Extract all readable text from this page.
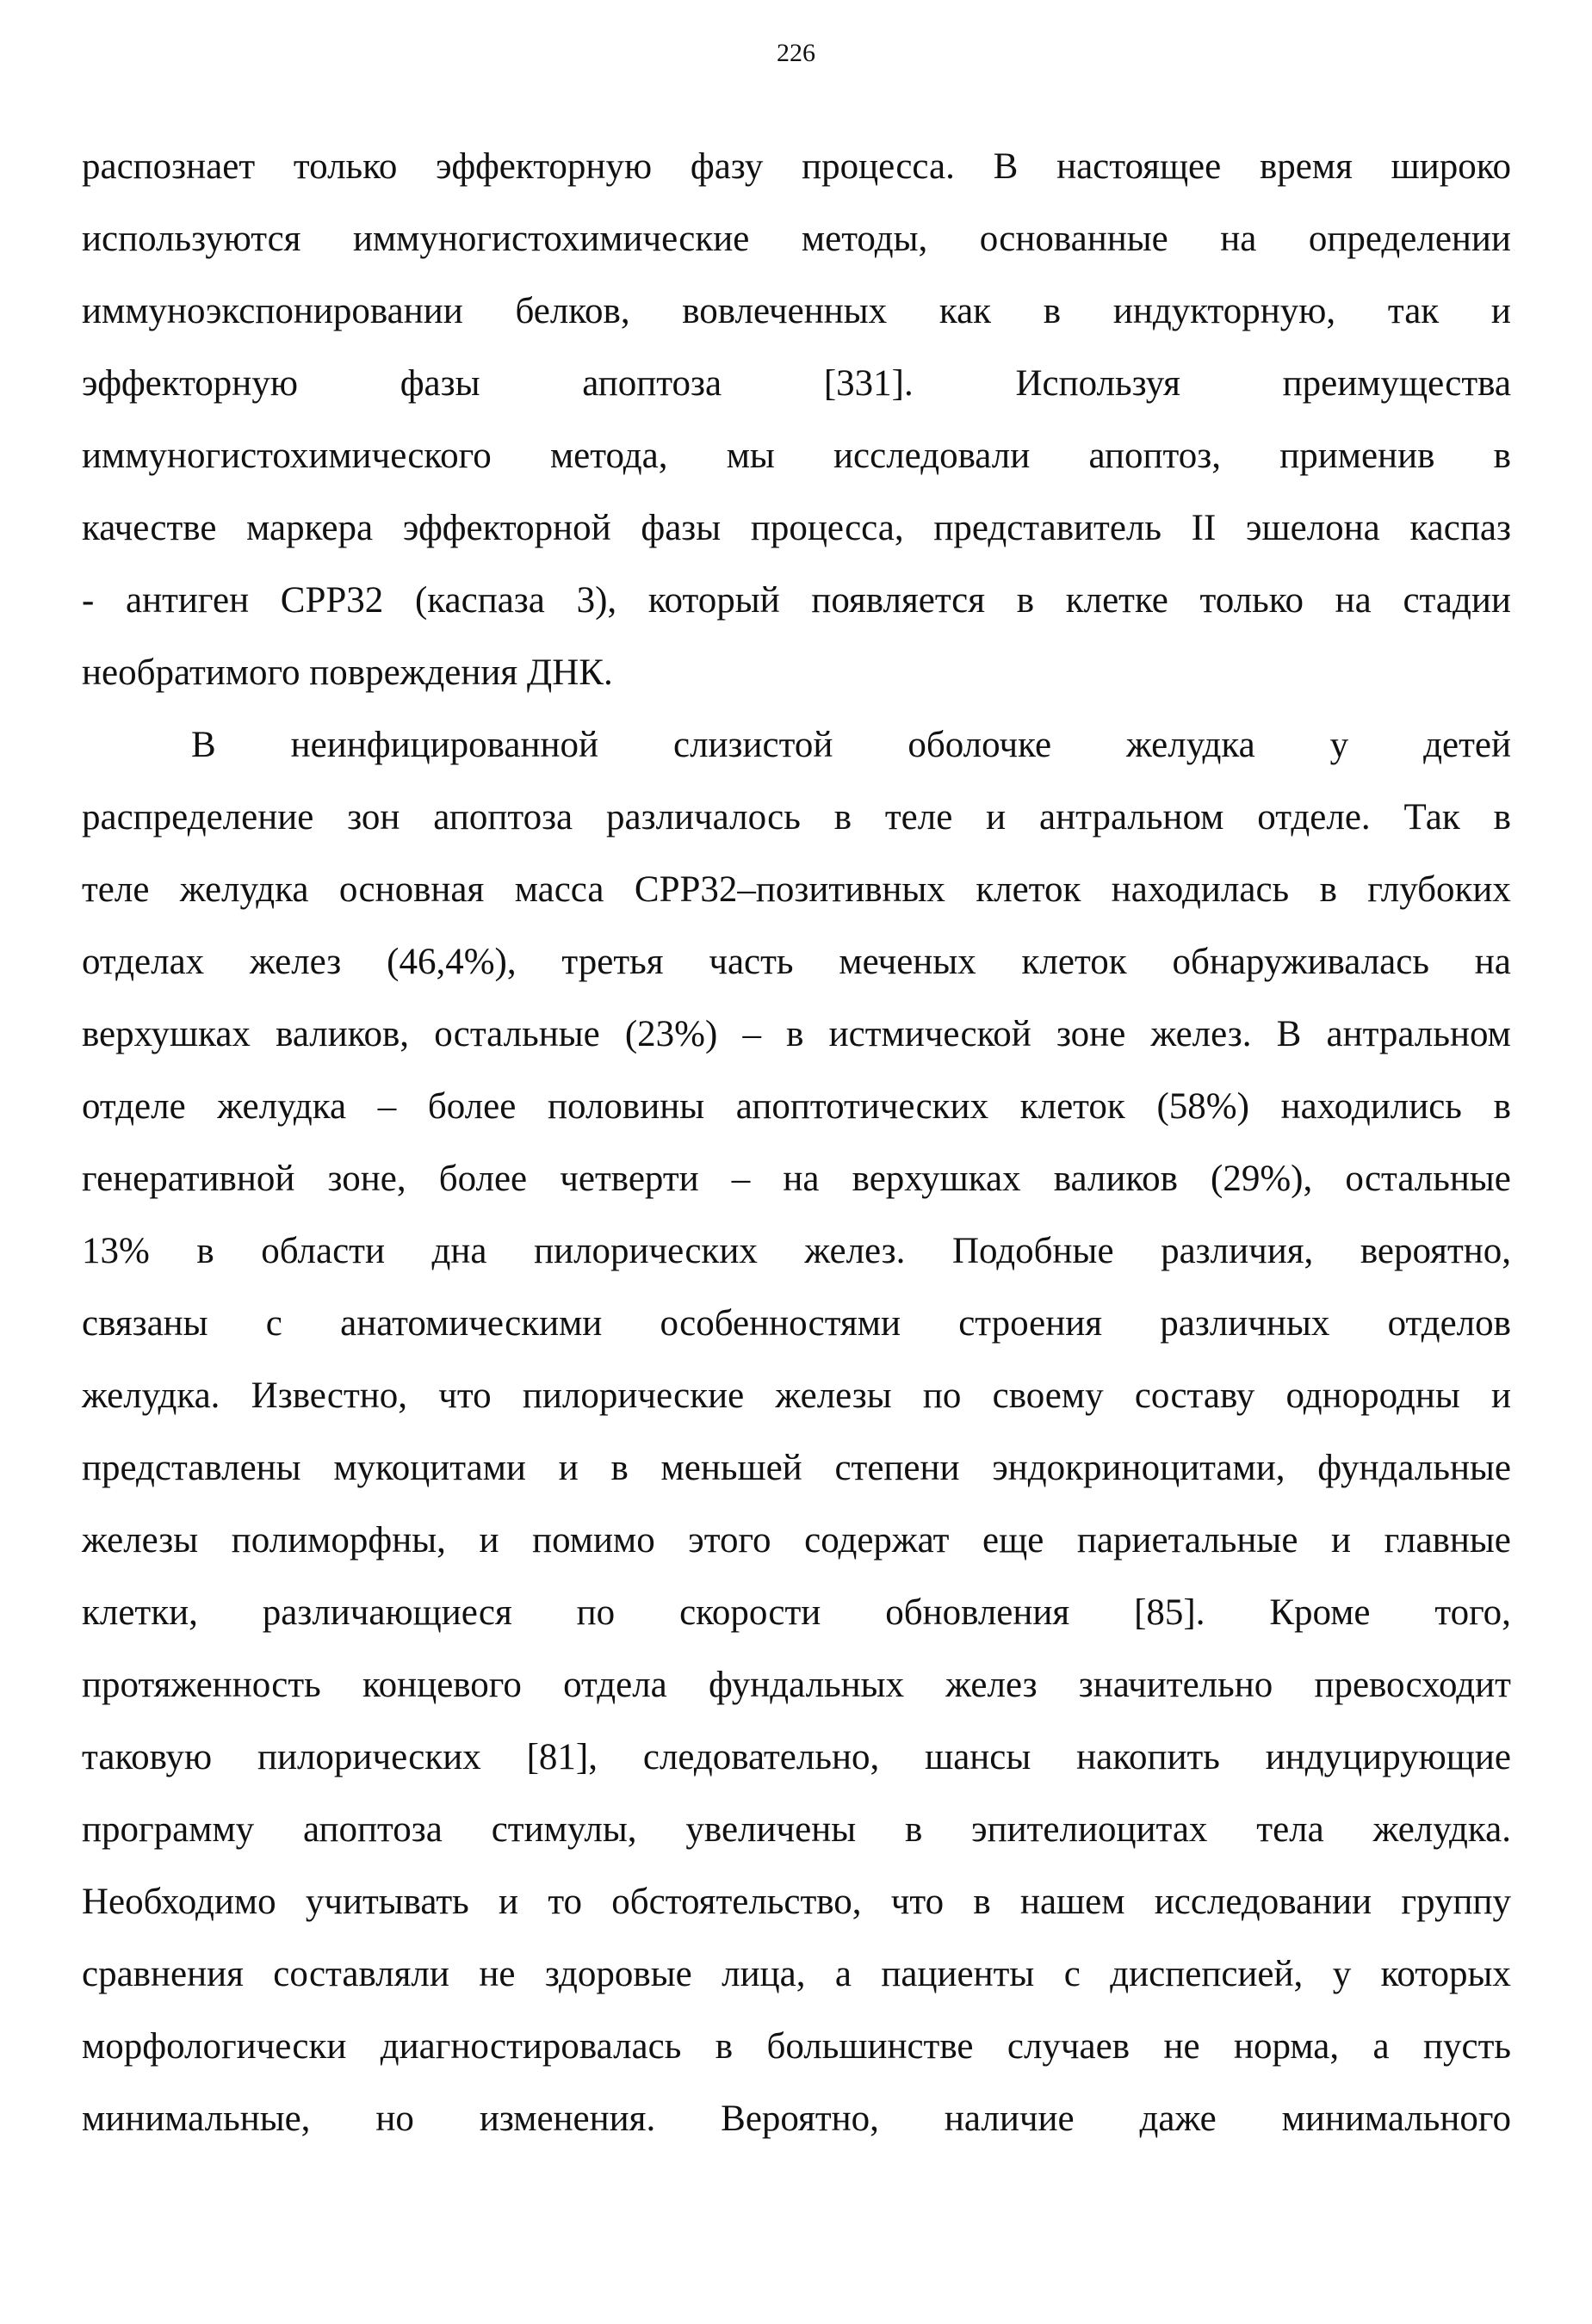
226
распознает только эффекторную фазу процесса. В настоящее время широко
используются иммуногистохимические методы, основанные на определении
иммуноэкспонировании белков, вовлеченных как в индукторную, так и
эффекторную	фазы	апоптоза	[331].	Используя	преимущества
иммуногистохимического метода, мы исследовали апоптоз, применив в
качестве маркера эффекторной фазы процесса, представитель II эшелона каспаз
- антиген CPP32 (каспаза 3), который появляется в клетке только на стадии
необратимого повреждения ДНК.
В неинфицированной слизистой оболочке желудка у детей
распределение зон апоптоза различалось в теле и антральном отделе. Так в
теле желудка основная масса CPP32–позитивных клеток находилась в глубоких
отделах желез (46,4%), третья часть меченых клеток обнаруживалась на
верхушках валиков, остальные (23%) – в истмической зоне желез. В антральном
отделе желудка – более половины апоптотических клеток (58%) находились в
генеративной зоне, более четверти – на верхушках валиков (29%), остальные
13% в области дна пилорических желез. Подобные различия, вероятно,
связаны с анатомическими особенностями строения различных отделов
желудка. Известно, что пилорические железы по своему составу однородны и
представлены мукоцитами и в меньшей степени эндокриноцитами, фундальные
железы полиморфны, и помимо этого содержат еще париетальные и главные
клетки, различающиеся по скорости обновления [85]. Кроме того,
протяженность концевого отдела фундальных желез значительно превосходит
таковую пилорических [81], следовательно, шансы накопить индуцирующие
программу апоптоза стимулы, увеличены в эпителиоцитах тела желудка.
Необходимо учитывать и то обстоятельство, что в нашем исследовании группу
сравнения составляли не здоровые лица, а пациенты с диспепсией, у которых
морфологически диагностировалась в большинстве случаев не норма, а пусть
минимальные, но изменения. Вероятно, наличие даже минимального
